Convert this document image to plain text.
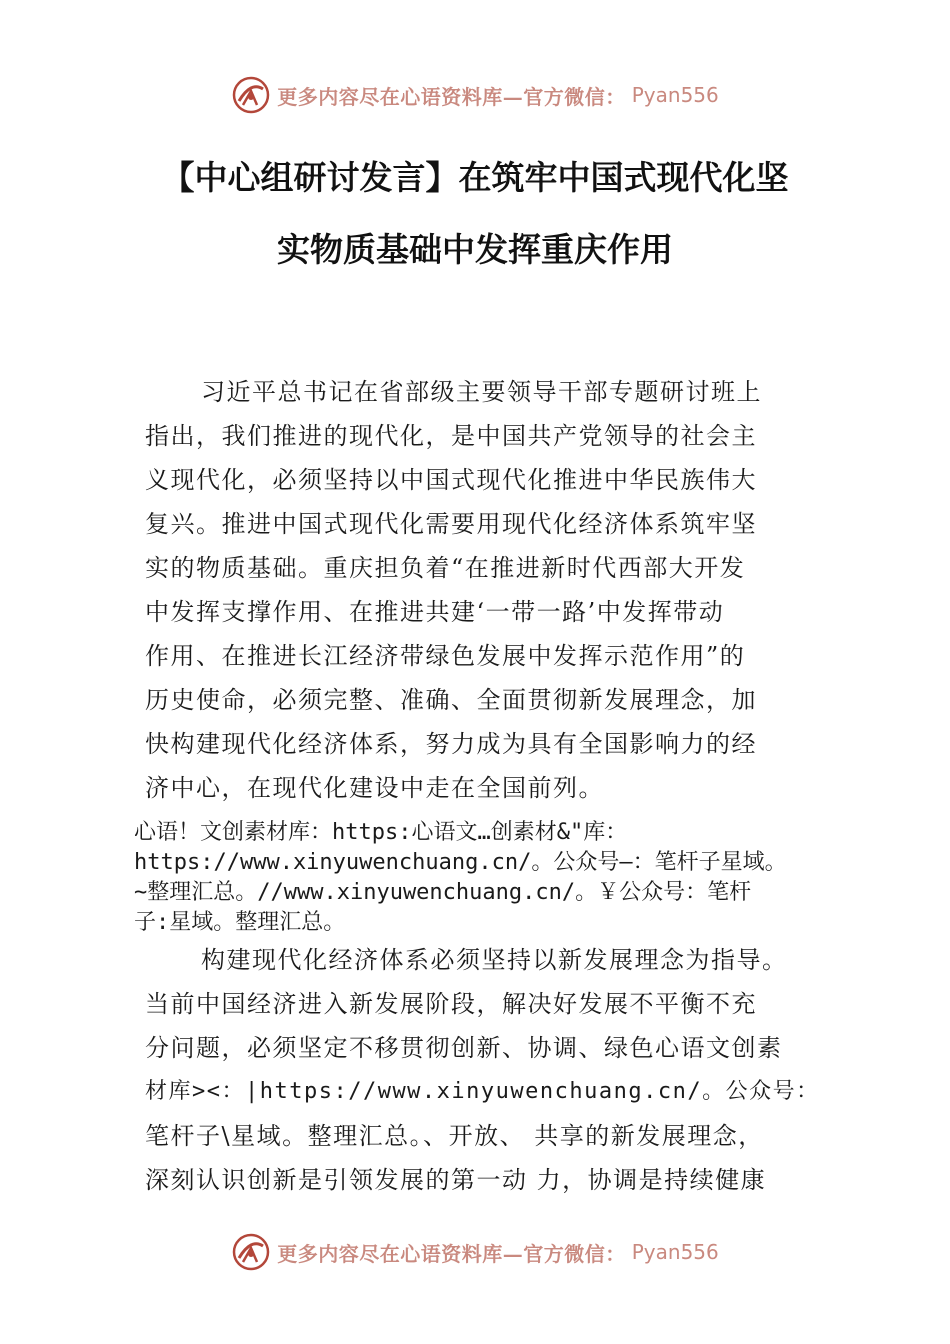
更多内容尽在心语资料库—官方微信： Pyan556
【中心组研讨发言】在筑牢中国式现代化坚
实物质基础中发挥重庆作用
习近平总书记在省部级主要领导干部专题研讨班上
指出，我们推进的现代化，是中国共产党领导的社会主
义现代化，必须坚持以中国式现代化推进中华民族伟大
复兴。推进中国式现代化需要用现代化经济体系筑牢坚
实的物质基础。重庆担负着“在推进新时代西部大开发
中发挥支撑作用、在推进共建‘一带一路’中发挥带动
作用、在推进长江经济带绿色发展中发挥示范作用”的
历史使命，必须完整、准确、全面贯彻新发展理念，加
快构建现代化经济体系，努力成为具有全国影响力的经
济中心，在现代化建设中走在全国前列。
心语！文创素材库：https:心语文…创素材&"库：
https://www.xinyuwenchuang.cn/。公众号—：笔杆子星域。
~整理汇总。//www.xinyuwenchuang.cn/。￥公众号：笔杆
子:星域。整理汇总。
构建现代化经济体系必须坚持以新发展理念为指导。
当前中国经济进入新发展阶段，解决好发展不平衡不充
分问题，必须坚定不移贯彻创新、协调、绿色心语文创素
材库><：|https://www.xinyuwenchuang.cn/。公众号：
笔杆子\星域。整理汇总。、开放、 共享的新发展理念，
深刻认识创新是引领发展的第一动 力，协调是持续健康
更多内容尽在心语资料库—官方微信： Pyan556
